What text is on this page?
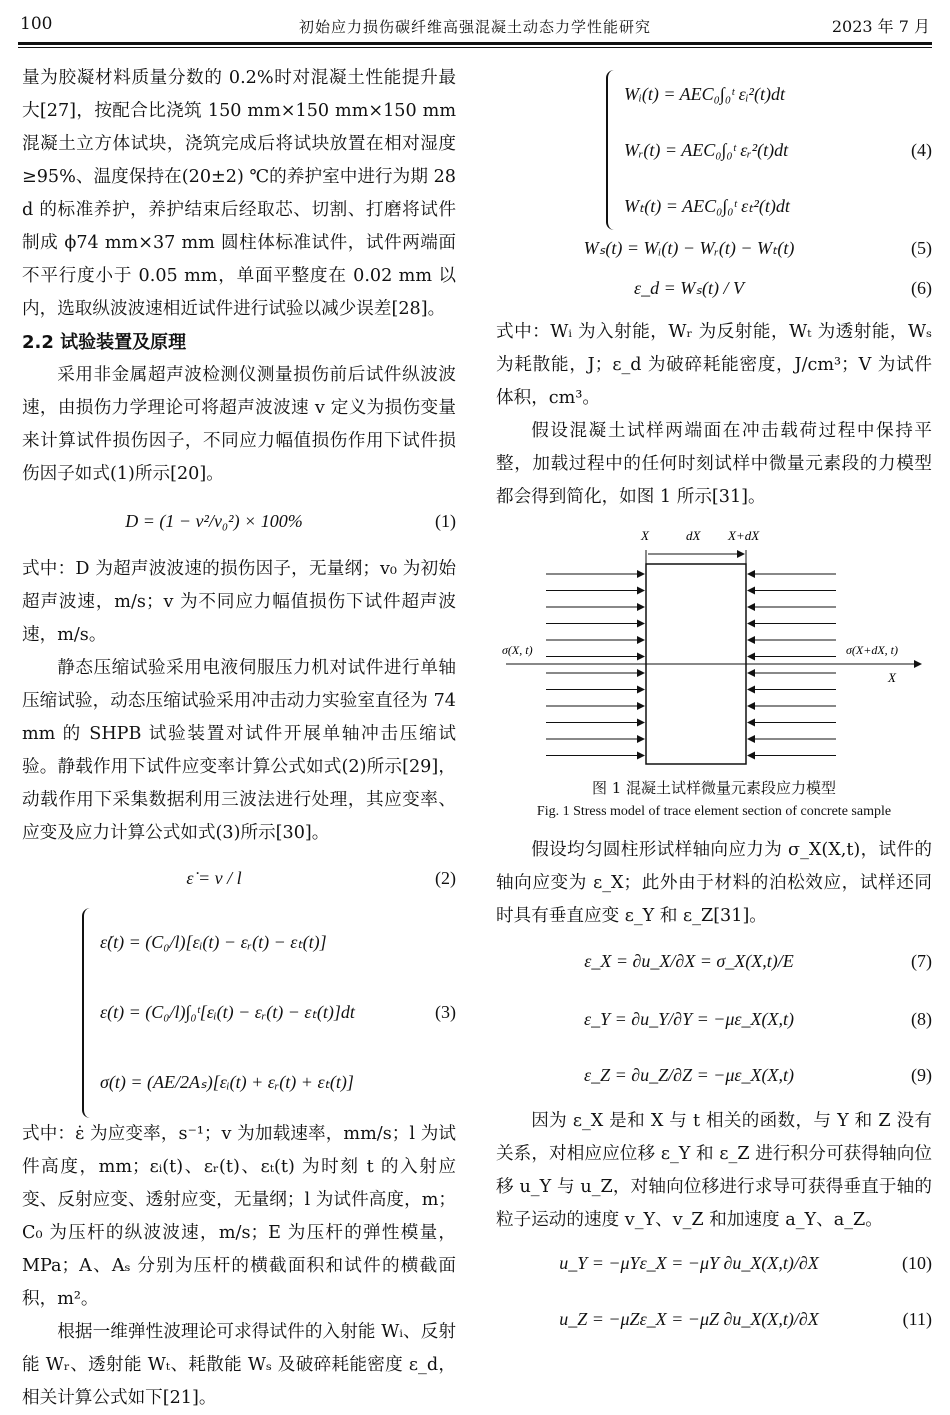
100	初始应力损伤碳纤维高强混凝土动态力学性能研究	2023 年 7 月

量为胶凝材料质量分数的 0.2%时对混凝土性能提升最大[27]，按配合比浇筑 150 mm×150 mm×150 mm混凝土立方体试块，浇筑完成后将试块放置在相对湿度≥95%、温度保持在(20±2) ℃的养护室中进行为期 28 d 的标准养护，养护结束后经取芯、切割、打磨将试件制成 ϕ74 mm×37 mm 圆柱体标准试件，试件两端面不平行度小于 0.05 mm，单面平整度在 0.02 mm 以内，选取纵波波速相近试件进行试验以减少误差[28]。

2.2 试验装置及原理

采用非金属超声波检测仪测量损伤前后试件纵波波速，由损伤力学理论可将超声波波速 v 定义为损伤变量来计算试件损伤因子，不同应力幅值损伤作用下试件损伤因子如式(1)所示[20]。

D = (1 − v²/v₀²) × 100%	(1)

式中：D 为超声波波速的损伤因子，无量纲；v₀ 为初始超声波速，m/s；v 为不同应力幅值损伤下试件超声波速，m/s。

静态压缩试验采用电液伺服压力机对试件进行单轴压缩试验，动态压缩试验采用冲击动力实验室直径为 74 mm 的 SHPB 试验装置对试件开展单轴冲击压缩试验。静载作用下试件应变率计算公式如式(2)所示[29]，动载作用下采集数据利用三波法进行处理，其应变率、应变及应力计算公式如式(3)所示[30]。

ε̇ = v / l	(2)
ε̇(t) = (C₀/l)[εᵢ(t) − εᵣ(t) − εₜ(t)]
ε(t) = (C₀/l)∫₀ᵗ[εᵢ(t) − εᵣ(t) − εₜ(t)]dt
σ(t) = (AE/2Aₛ)[εᵢ(t) + εᵣ(t) + εₜ(t)]
(3)

式中：ε̇ 为应变率，s⁻¹；v 为加载速率，mm/s；l 为试件高度，mm；εᵢ(t)、εᵣ(t)、εₜ(t) 为时刻 t 的入射应变、反射应变、透射应变，无量纲；l 为试件高度，m；C₀ 为压杆的纵波波速，m/s；E 为压杆的弹性模量，MPa；A、Aₛ 分别为压杆的横截面积和试件的横截面积，m²。

根据一维弹性波理论可求得试件的入射能 Wᵢ、反射能 Wᵣ、透射能 Wₜ、耗散能 Wₛ 及破碎耗能密度 ε_d，相关计算公式如下[21]。

Wᵢ(t) = AEC₀∫₀ᵗ εᵢ²(t)dt
Wᵣ(t) = AEC₀∫₀ᵗ εᵣ²(t)dt
Wₜ(t) = AEC₀∫₀ᵗ εₜ²(t)dt
(4)
Wₛ(t) = Wᵢ(t) − Wᵣ(t) − Wₜ(t)	(5)
ε_d = Wₛ(t) / V	(6)

式中：Wᵢ 为入射能，Wᵣ 为反射能，Wₜ 为透射能，Wₛ 为耗散能，J；ε_d 为破碎耗能密度，J/cm³；V 为试件体积，cm³。

假设混凝土试样两端面在冲击载荷过程中保持平整，加载过程中的任何时刻试样中微量元素段的力模型都会得到简化，如图 1 所示[31]。

X	dX X+dX
σ(X, t)	σ(X+dX, t)
X

图 1 混凝土试样微量元素段应力模型

Fig. 1 Stress model of trace element section of concrete sample

假设均匀圆柱形试样轴向应力为 σ_X(X,t)，试件的轴向应变为 ε_X；此外由于材料的泊松效应，试样还同时具有垂直应变 ε_Y 和 ε_Z[31]。

ε_X = ∂u_X/∂X = σ_X(X,t)/E	(7)
ε_Y = ∂u_Y/∂Y = −με_X(X,t)	(8)
ε_Z = ∂u_Z/∂Z = −με_X(X,t)	(9)

因为 ε_X 是和 X 与 t 相关的函数，与 Y 和 Z 没有关系，对相应应位移 ε_Y 和 ε_Z 进行积分可获得轴向位移 u_Y 与 u_Z，对轴向位移进行求导可获得垂直于轴的粒子运动的速度 v_Y、v_Z 和加速度 a_Y、a_Z。

u_Y = −μYε_X = −μY ∂u_X(X,t)/∂X	(10)
u_Z = −μZε_X = −μZ ∂u_X(X,t)/∂X	(11)
